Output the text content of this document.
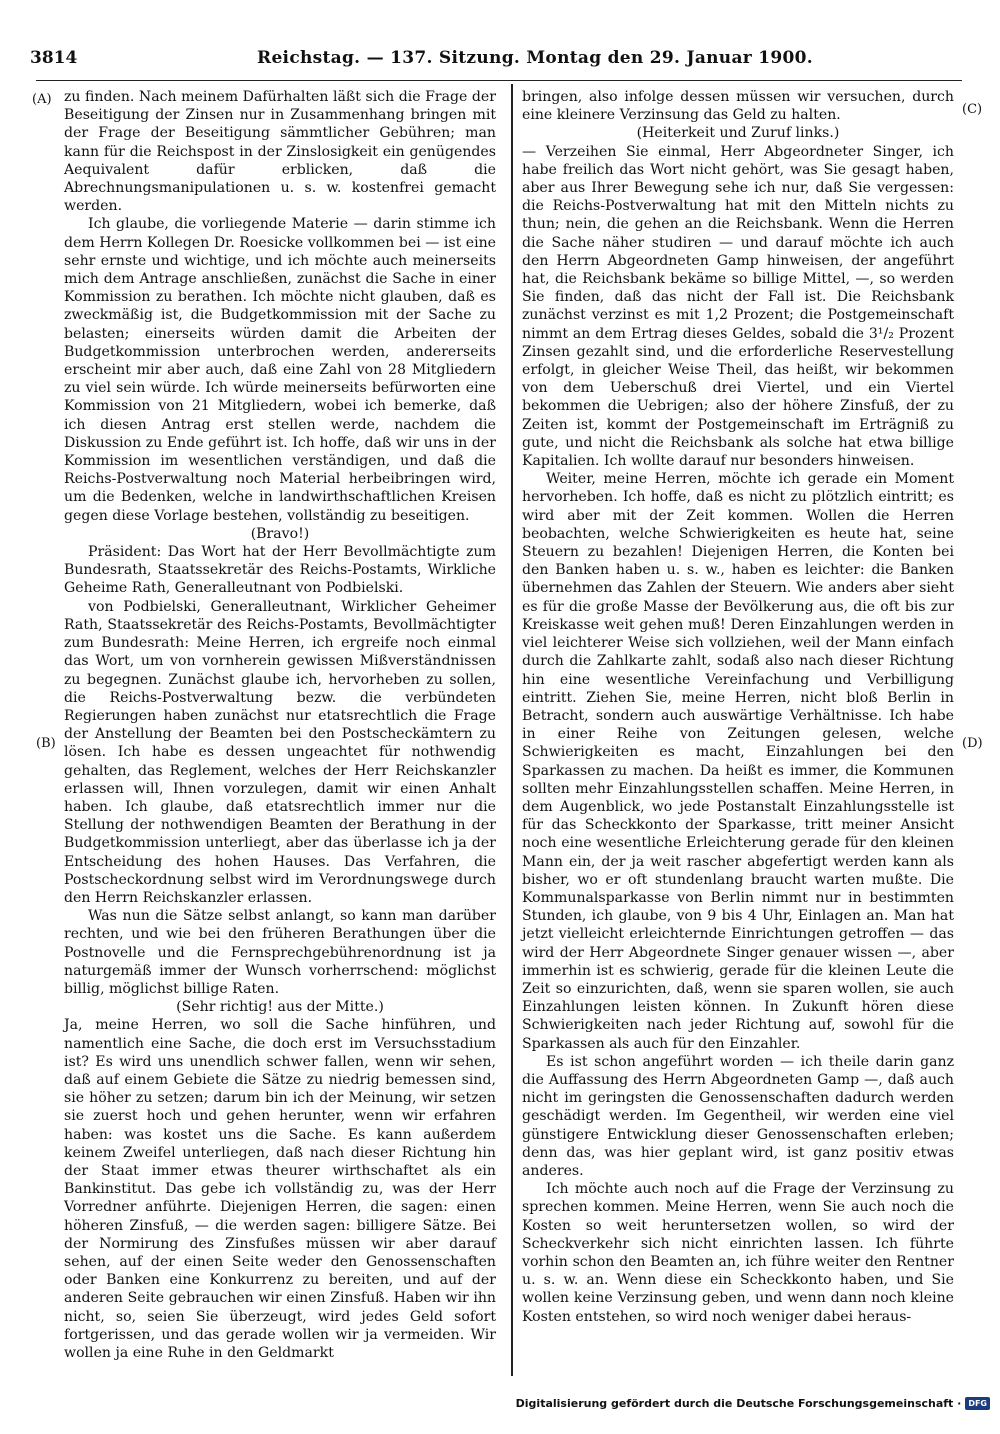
3814	Reichstag. — 137. Sitzung. Montag den 29. Januar 1900.
(A)
(B)
(C)
(D)

zu finden. Nach meinem Dafürhalten läßt sich die Frage der Beseitigung der Zinsen nur in Zusammenhang bringen mit der Frage der Beseitigung sämmtlicher Gebühren; man kann für die Reichspost in der Zinslosigkeit ein genügendes Aequivalent dafür erblicken, daß die Abrechnungsmanipulationen u. s. w. kostenfrei gemacht werden.

Ich glaube, die vorliegende Materie — darin stimme ich dem Herrn Kollegen Dr. Roesicke vollkommen bei — ist eine sehr ernste und wichtige, und ich möchte auch meinerseits mich dem Antrage anschließen, zunächst die Sache in einer Kommission zu berathen. Ich möchte nicht glauben, daß es zweckmäßig ist, die Budgetkommission mit der Sache zu belasten; einerseits würden damit die Arbeiten der Budgetkommission unterbrochen werden, andererseits erscheint mir aber auch, daß eine Zahl von 28 Mitgliedern zu viel sein würde. Ich würde meinerseits befürworten eine Kommission von 21 Mitgliedern, wobei ich bemerke, daß ich diesen Antrag erst stellen werde, nachdem die Diskussion zu Ende geführt ist. Ich hoffe, daß wir uns in der Kommission im wesentlichen verständigen, und daß die Reichs-Postverwaltung noch Material herbeibringen wird, um die Bedenken, welche in landwirthschaftlichen Kreisen gegen diese Vorlage bestehen, vollständig zu beseitigen.

(Bravo!)

Präsident: Das Wort hat der Herr Bevollmächtigte zum Bundesrath, Staatssekretär des Reichs-Postamts, Wirkliche Geheime Rath, Generalleutnant von Podbielski.

von Podbielski, Generalleutnant, Wirklicher Geheimer Rath, Staatssekretär des Reichs-Postamts, Bevollmächtigter zum Bundesrath: Meine Herren, ich ergreife noch einmal das Wort, um von vornherein gewissen Mißverständnissen zu begegnen. Zunächst glaube ich, hervorheben zu sollen, die Reichs-Postverwaltung bezw. die verbündeten Regierungen haben zunächst nur etatsrechtlich die Frage der Anstellung der Beamten bei den Postscheckämtern zu lösen. Ich habe es dessen ungeachtet für nothwendig gehalten, das Reglement, welches der Herr Reichskanzler erlassen will, Ihnen vorzulegen, damit wir einen Anhalt haben. Ich glaube, daß etatsrechtlich immer nur die Stellung der nothwendigen Beamten der Berathung in der Budgetkommission unterliegt, aber das überlasse ich ja der Entscheidung des hohen Hauses. Das Verfahren, die Postscheckordnung selbst wird im Verordnungswege durch den Herrn Reichskanzler erlassen.

Was nun die Sätze selbst anlangt, so kann man darüber rechten, und wie bei den früheren Berathungen über die Postnovelle und die Fernsprechgebührenordnung ist ja naturgemäß immer der Wunsch vorherrschend: möglichst billig, möglichst billige Raten.

(Sehr richtig! aus der Mitte.)

Ja, meine Herren, wo soll die Sache hinführen, und namentlich eine Sache, die doch erst im Versuchsstadium ist? Es wird uns unendlich schwer fallen, wenn wir sehen, daß auf einem Gebiete die Sätze zu niedrig bemessen sind, sie höher zu setzen; darum bin ich der Meinung, wir setzen sie zuerst hoch und gehen herunter, wenn wir erfahren haben: was kostet uns die Sache. Es kann außerdem keinem Zweifel unterliegen, daß nach dieser Richtung hin der Staat immer etwas theurer wirthschaftet als ein Bankinstitut. Das gebe ich vollständig zu, was der Herr Vorredner anführte. Diejenigen Herren, die sagen: einen höheren Zinsfuß, — die werden sagen: billigere Sätze. Bei der Normirung des Zinsfußes müssen wir aber darauf sehen, auf der einen Seite weder den Genossenschaften oder Banken eine Konkurrenz zu bereiten, und auf der anderen Seite gebrauchen wir einen Zinsfuß. Haben wir ihn nicht, so, seien Sie überzeugt, wird jedes Geld sofort fortgerissen, und das gerade wollen wir ja vermeiden. Wir wollen ja eine Ruhe in den Geldmarkt

bringen, also infolge dessen müssen wir versuchen, durch eine kleinere Verzinsung das Geld zu halten.

(Heiterkeit und Zuruf links.)

— Verzeihen Sie einmal, Herr Abgeordneter Singer, ich habe freilich das Wort nicht gehört, was Sie gesagt haben, aber aus Ihrer Bewegung sehe ich nur, daß Sie vergessen: die Reichs-Postverwaltung hat mit den Mitteln nichts zu thun; nein, die gehen an die Reichsbank. Wenn die Herren die Sache näher studiren — und darauf möchte ich auch den Herrn Abgeordneten Gamp hinweisen, der angeführt hat, die Reichsbank bekäme so billige Mittel, —, so werden Sie finden, daß das nicht der Fall ist. Die Reichsbank zunächst verzinst es mit 1,2 Prozent; die Postgemeinschaft nimmt an dem Ertrag dieses Geldes, sobald die 3¹/₂ Prozent Zinsen gezahlt sind, und die erforderliche Reservestellung erfolgt, in gleicher Weise Theil, das heißt, wir bekommen von dem Ueberschuß drei Viertel, und ein Viertel bekommen die Uebrigen; also der höhere Zinsfuß, der zu Zeiten ist, kommt der Postgemeinschaft im Erträgniß zu gute, und nicht die Reichsbank als solche hat etwa billige Kapitalien. Ich wollte darauf nur besonders hinweisen.

Weiter, meine Herren, möchte ich gerade ein Moment hervorheben. Ich hoffe, daß es nicht zu plötzlich eintritt; es wird aber mit der Zeit kommen. Wollen die Herren beobachten, welche Schwierigkeiten es heute hat, seine Steuern zu bezahlen! Diejenigen Herren, die Konten bei den Banken haben u. s. w., haben es leichter: die Banken übernehmen das Zahlen der Steuern. Wie anders aber sieht es für die große Masse der Bevölkerung aus, die oft bis zur Kreiskasse weit gehen muß! Deren Einzahlungen werden in viel leichterer Weise sich vollziehen, weil der Mann einfach durch die Zahlkarte zahlt, sodaß also nach dieser Richtung hin eine wesentliche Vereinfachung und Verbilligung eintritt. Ziehen Sie, meine Herren, nicht bloß Berlin in Betracht, sondern auch auswärtige Verhältnisse. Ich habe in einer Reihe von Zeitungen gelesen, welche Schwierigkeiten es macht, Einzahlungen bei den Sparkassen zu machen. Da heißt es immer, die Kommunen sollten mehr Einzahlungsstellen schaffen. Meine Herren, in dem Augenblick, wo jede Postanstalt Einzahlungsstelle ist für das Scheckkonto der Sparkasse, tritt meiner Ansicht noch eine wesentliche Erleichterung gerade für den kleinen Mann ein, der ja weit rascher abgefertigt werden kann als bisher, wo er oft stundenlang braucht warten mußte. Die Kommunalsparkasse von Berlin nimmt nur in bestimmten Stunden, ich glaube, von 9 bis 4 Uhr, Einlagen an. Man hat jetzt vielleicht erleichternde Einrichtungen getroffen — das wird der Herr Abgeordnete Singer genauer wissen —, aber immerhin ist es schwierig, gerade für die kleinen Leute die Zeit so einzurichten, daß, wenn sie sparen wollen, sie auch Einzahlungen leisten können. In Zukunft hören diese Schwierigkeiten nach jeder Richtung auf, sowohl für die Sparkassen als auch für den Einzahler.

Es ist schon angeführt worden — ich theile darin ganz die Auffassung des Herrn Abgeordneten Gamp —, daß auch nicht im geringsten die Genossenschaften dadurch werden geschädigt werden. Im Gegentheil, wir werden eine viel günstigere Entwicklung dieser Genossenschaften erleben; denn das, was hier geplant wird, ist ganz positiv etwas anderes.

Ich möchte auch noch auf die Frage der Verzinsung zu sprechen kommen. Meine Herren, wenn Sie auch noch die Kosten so weit heruntersetzen wollen, so wird der Scheckverkehr sich nicht einrichten lassen. Ich führte vorhin schon den Beamten an, ich führe weiter den Rentner u. s. w. an. Wenn diese ein Scheckkonto haben, und Sie wollen keine Verzinsung geben, und wenn dann noch kleine Kosten entstehen, so wird noch weniger dabei heraus-

Digitalisierung gefördert durch die Deutsche Forschungsgemeinschaft · DFG
